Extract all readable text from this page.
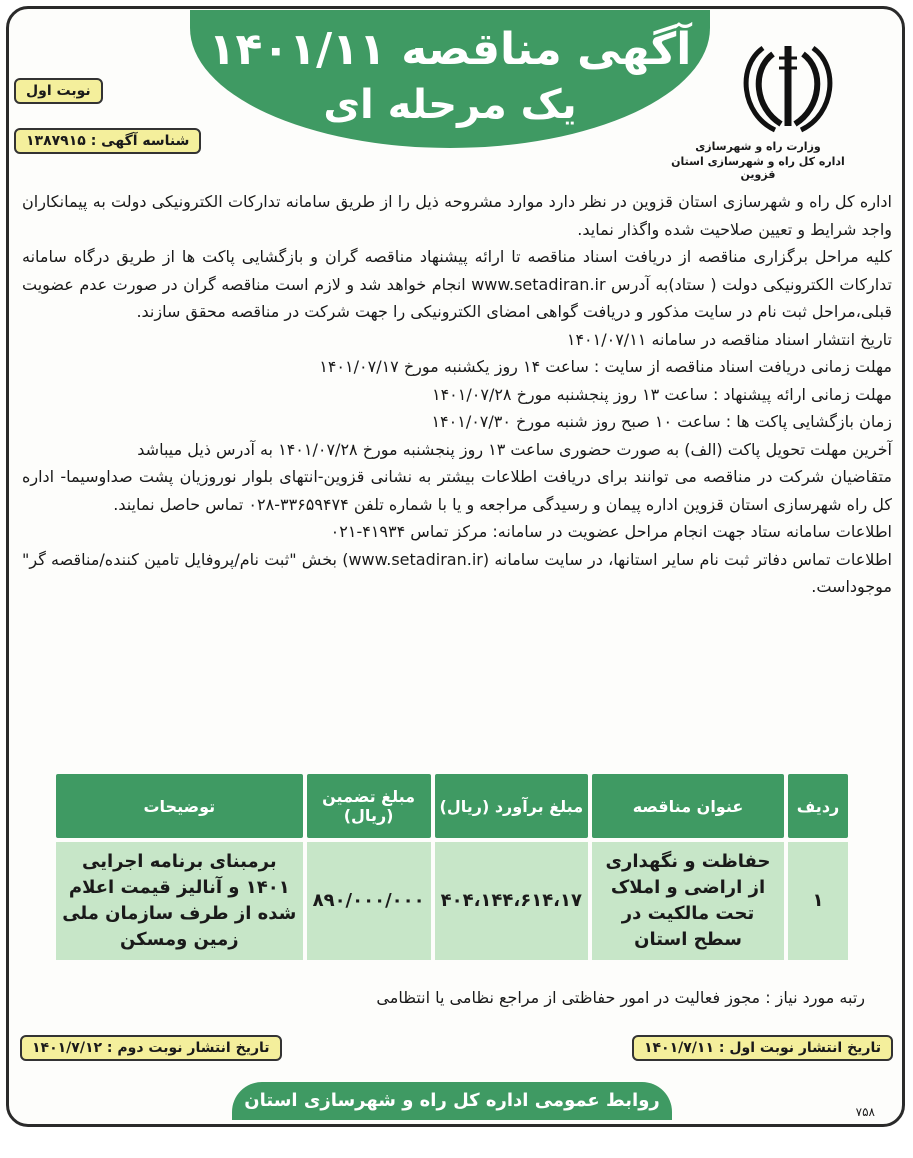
آگهی مناقصه ۱۴۰۱/۱۱
یک مرحله ای
نوبت اول
شناسه آگهی : ۱۳۸۷۹۱۵	وزارت راه و شهرسازی
اداره کل راه و شهرسازی استان قزوین

اداره کل راه و شهرسازی استان قزوین در نظر دارد موارد مشروحه ذیل را از طریق سامانه تدارکات الکترونیکی دولت به پیمانکاران واجد شرایط و تعیین صلاحیت شده واگذار نماید.

کلیه مراحل برگزاری مناقصه از دریافت اسناد مناقصه تا ارائه پیشنهاد مناقصه گران و بازگشایی پاکت ها از طریق درگاه سامانه تدارکات الکترونیکی دولت ( ستاد)به آدرس www.setadiran.ir انجام خواهد شد و لازم است مناقصه گران در صورت عدم عضویت قبلی،مراحل ثبت نام در سایت مذکور و دریافت گواهی امضای الکترونیکی را جهت شرکت در مناقصه محقق سازند.

تاریخ انتشار اسناد مناقصه در سامانه ۱۴۰۱/۰۷/۱۱

مهلت زمانی دریافت اسناد مناقصه از سایت : ساعت ۱۴ روز یکشنبه مورخ ۱۴۰۱/۰۷/۱۷

مهلت زمانی ارائه پیشنهاد : ساعت ۱۳ روز پنجشنبه مورخ ۱۴۰۱/۰۷/۲۸

زمان بازگشایی پاکت ها : ساعت ۱۰ صبح روز شنبه مورخ ۱۴۰۱/۰۷/۳۰

آخرین مهلت تحویل پاکت (الف) به صورت حضوری ساعت ۱۳ روز پنجشنبه مورخ ۱۴۰۱/۰۷/۲۸ به آدرس ذیل میباشد

متقاضیان شرکت در مناقصه می توانند برای دریافت اطلاعات بیشتر به نشانی قزوین-انتهای بلوار نوروزیان پشت صداوسیما- اداره کل راه شهرسازی استان قزوین اداره پیمان و رسیدگی مراجعه و یا با شماره تلفن ۳۳۶۵۹۴۷۴-۰۲۸ تماس حاصل نمایند.

اطلاعات سامانه ستاد جهت انجام مراحل عضویت در سامانه: مرکز تماس ۴۱۹۳۴-۰۲۱

اطلاعات تماس دفاتر ثبت نام سایر استانها، در سایت سامانه (www.setadiran.ir) بخش "ثبت نام/پروفایل تامین کننده/مناقصه گر" موجوداست.

ردیف	عنوان مناقصه	مبلغ برآورد (ریال)	مبلغ تضمین (ریال)	توضیحات
۱	حفاظت و نگهداری از اراضی و املاک تحت مالکیت در سطح استان	۴۰۴،۱۴۴،۶۱۴،۱۷	۸۹۰/۰۰۰/۰۰۰	برمبنای برنامه اجرایی ۱۴۰۱ و آنالیز قیمت اعلام شده از طرف سازمان ملی زمین ومسکن
رتبه مورد نیاز : مجوز فعالیت در امور حفاظتی از مراجع نظامی یا انتظامی
تاریخ انتشار نوبت اول : ۱۴۰۱/۷/۱۱
تاریخ انتشار نوبت دوم : ۱۴۰۱/۷/۱۲
روابط عمومی اداره کل راه و شهرسازی استان قزوین
۷۵۸
